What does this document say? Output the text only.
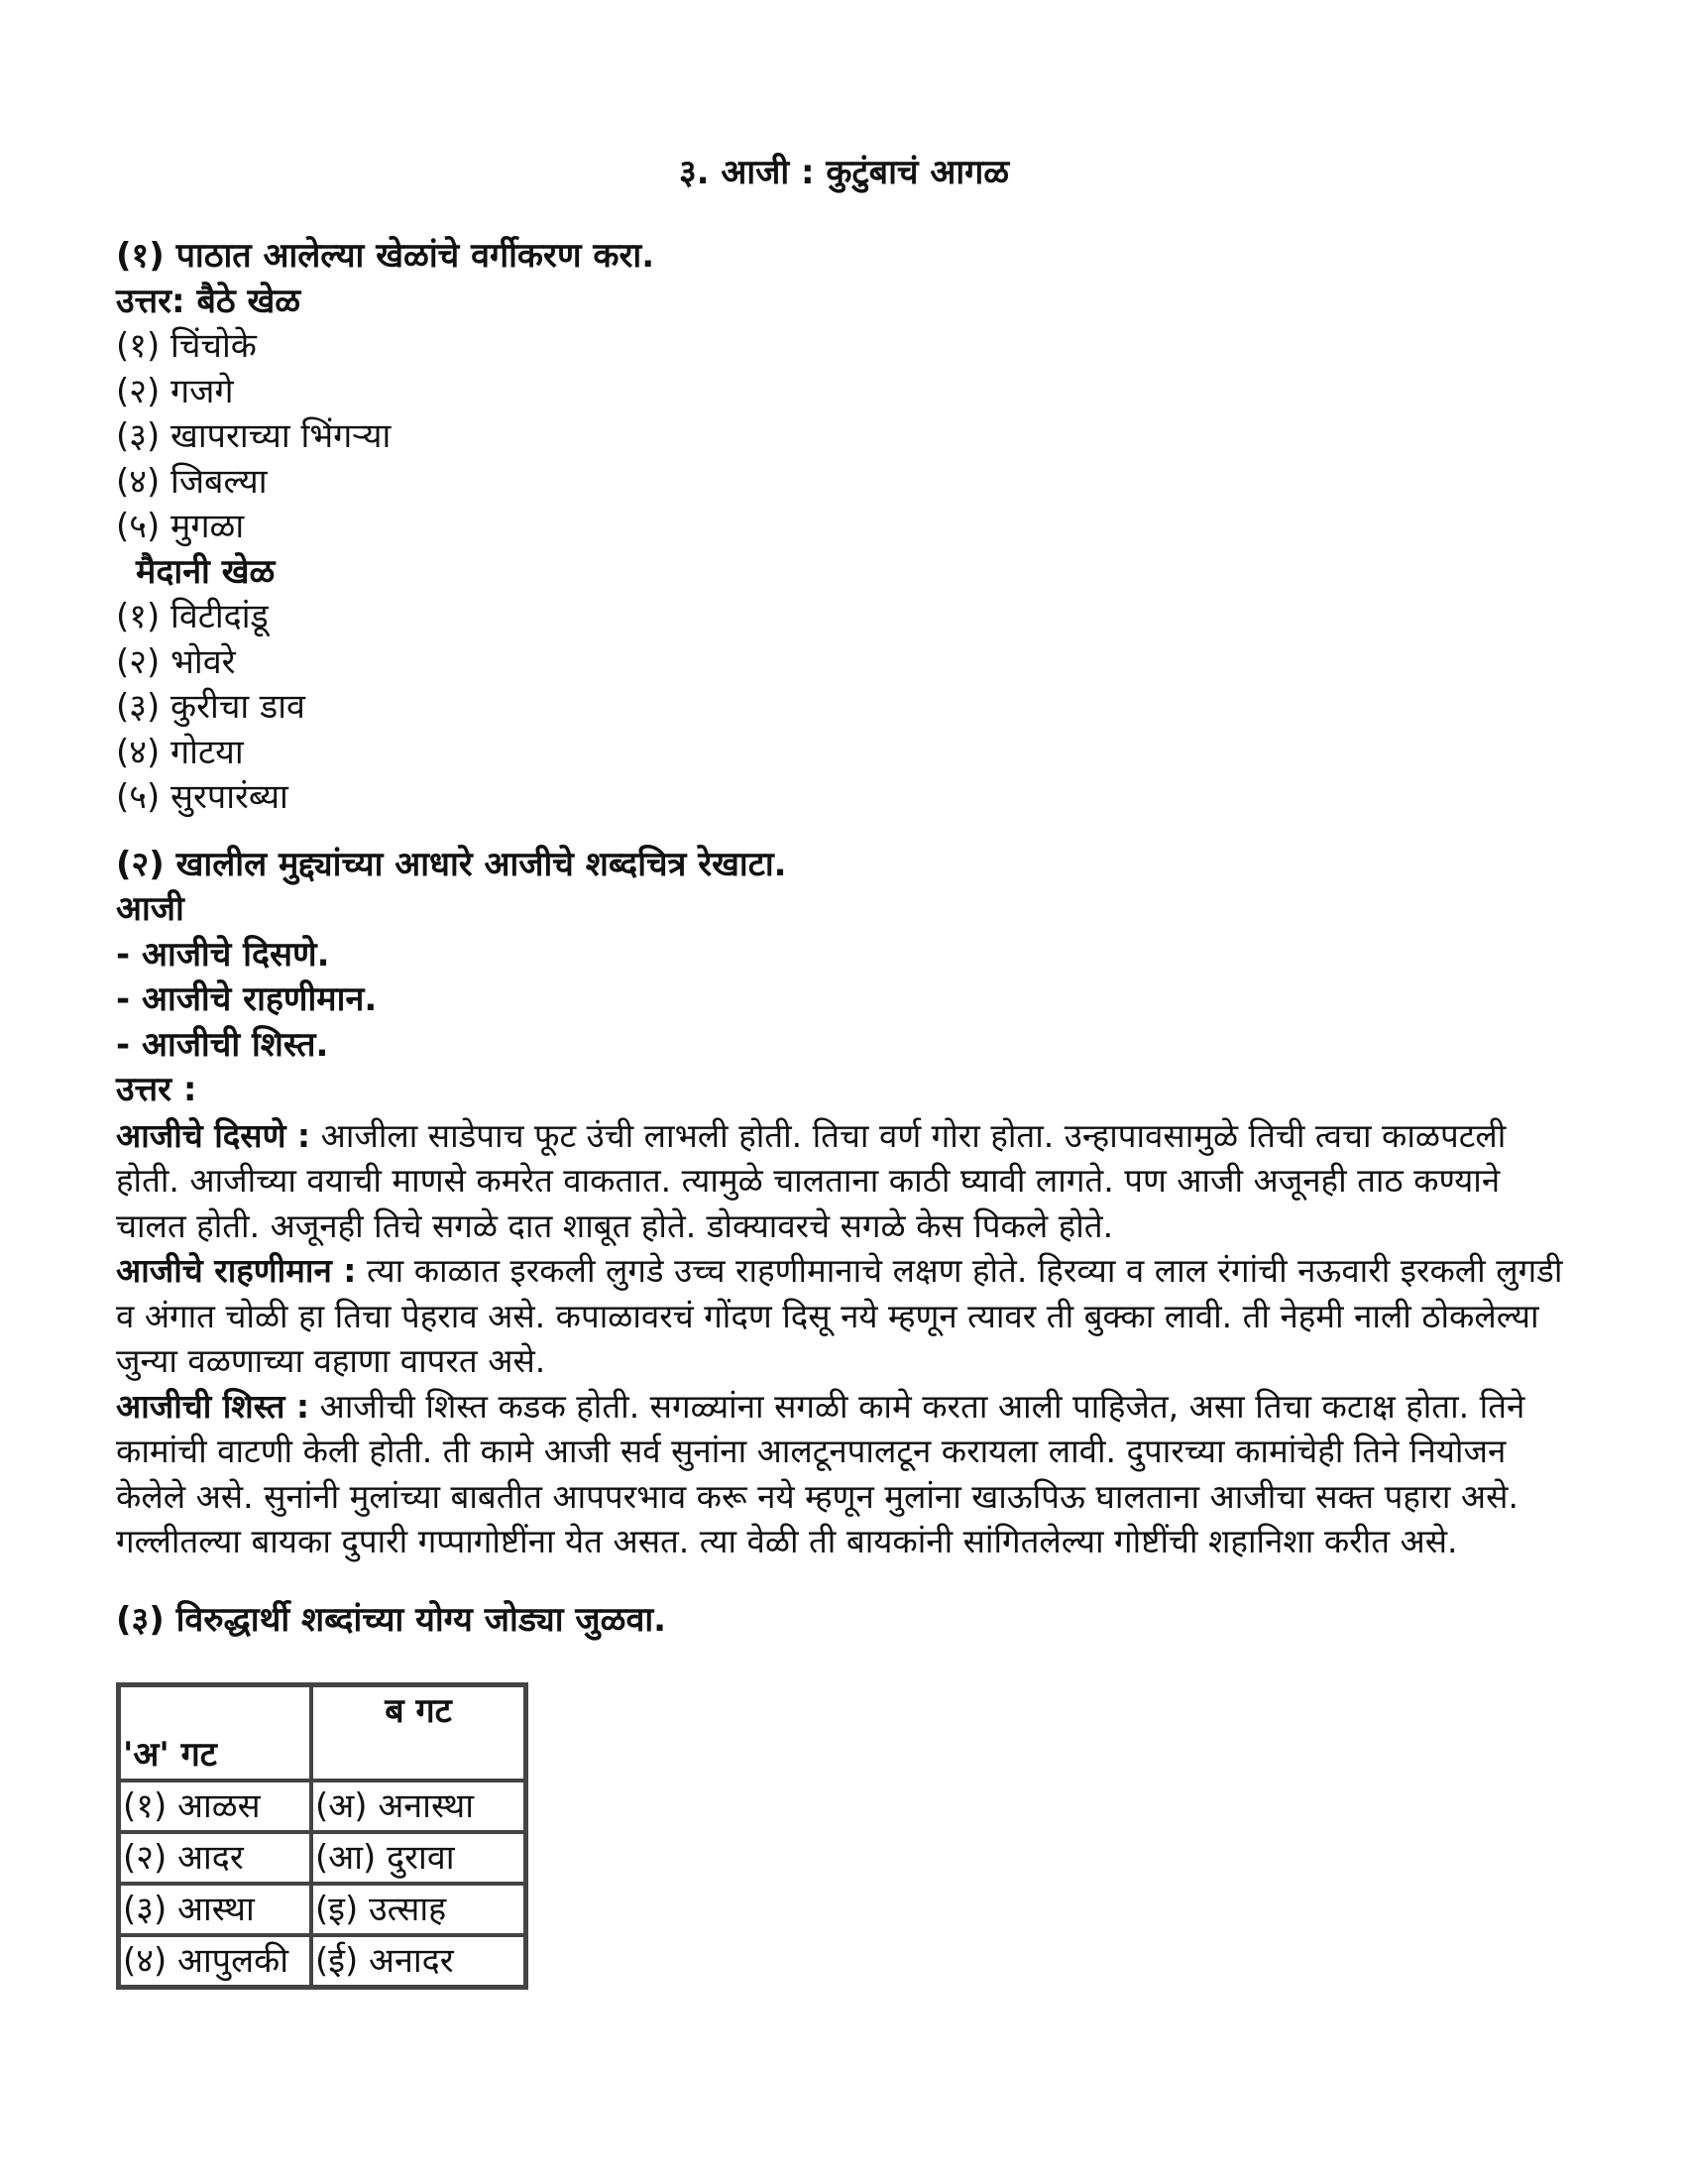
३. आजी : कुटुंबाचं आगळ
(१) पाठात आलेल्या खेळांचे वर्गीकरण करा.
उत्तर: बैठे खेळ
(१) चिंचोके
(२) गजगे
(३) खापराच्या भिंगऱ्या
(४) जिबल्या
(५) मुगळा
मैदानी खेळ
(१) विटीदांडू
(२) भोवरे
(३) कुरीचा डाव
(४) गोटया
(५) सुरपारंब्या
(२) खालील मुद्द्यांच्या आधारे आजीचे शब्दचित्र रेखाटा.
आजी
- आजीचे दिसणे.
- आजीचे राहणीमान.
- आजीची शिस्त.
उत्तर :

आजीचे दिसणे : आजीला साडेपाच फूट उंची लाभली होती. तिचा वर्ण गोरा होता. उन्हापावसामुळे तिची त्वचा काळपटली होती. आजीच्या वयाची माणसे कमरेत वाकतात. त्यामुळे चालताना काठी घ्यावी लागते. पण आजी अजूनही ताठ कण्याने चालत होती. अजूनही तिचे सगळे दात शाबूत होते. डोक्यावरचे सगळे केस पिकले होते.

आजीचे राहणीमान : त्या काळात इरकली लुगडे उच्च राहणीमानाचे लक्षण होते. हिरव्या व लाल रंगांची नऊवारी इरकली लुगडी व अंगात चोळी हा तिचा पेहराव असे. कपाळावरचं गोंदण दिसू नये म्हणून त्यावर ती बुक्का लावी. ती नेहमी नाली ठोकलेल्या जुन्या वळणाच्या वहाणा वापरत असे.

आजीची शिस्त : आजीची शिस्त कडक होती. सगळ्यांना सगळी कामे करता आली पाहिजेत, असा तिचा कटाक्ष होता. तिने कामांची वाटणी केली होती. ती कामे आजी सर्व सुनांना आलटूनपालटून करायला लावी. दुपारच्या कामांचेही तिने नियोजन केलेले असे. सुनांनी मुलांच्या बाबतीत आपपरभाव करू नये म्हणून मुलांना खाऊपिऊ घालताना आजीचा सक्त पहारा असे. गल्लीतल्या बायका दुपारी गप्पागोष्टींना येत असत. त्या वेळी ती बायकांनी सांगितलेल्या गोष्टींची शहानिशा करीत असे.

(३) विरुद्धार्थी शब्दांच्या योग्य जोड्या जुळवा.
'अ' गट	ब गट
(१) आळस	(अ) अनास्था
(२) आदर	(आ) दुरावा
(३) आस्था	(इ) उत्साह
(४) आपुलकी	(ई) अनादर
